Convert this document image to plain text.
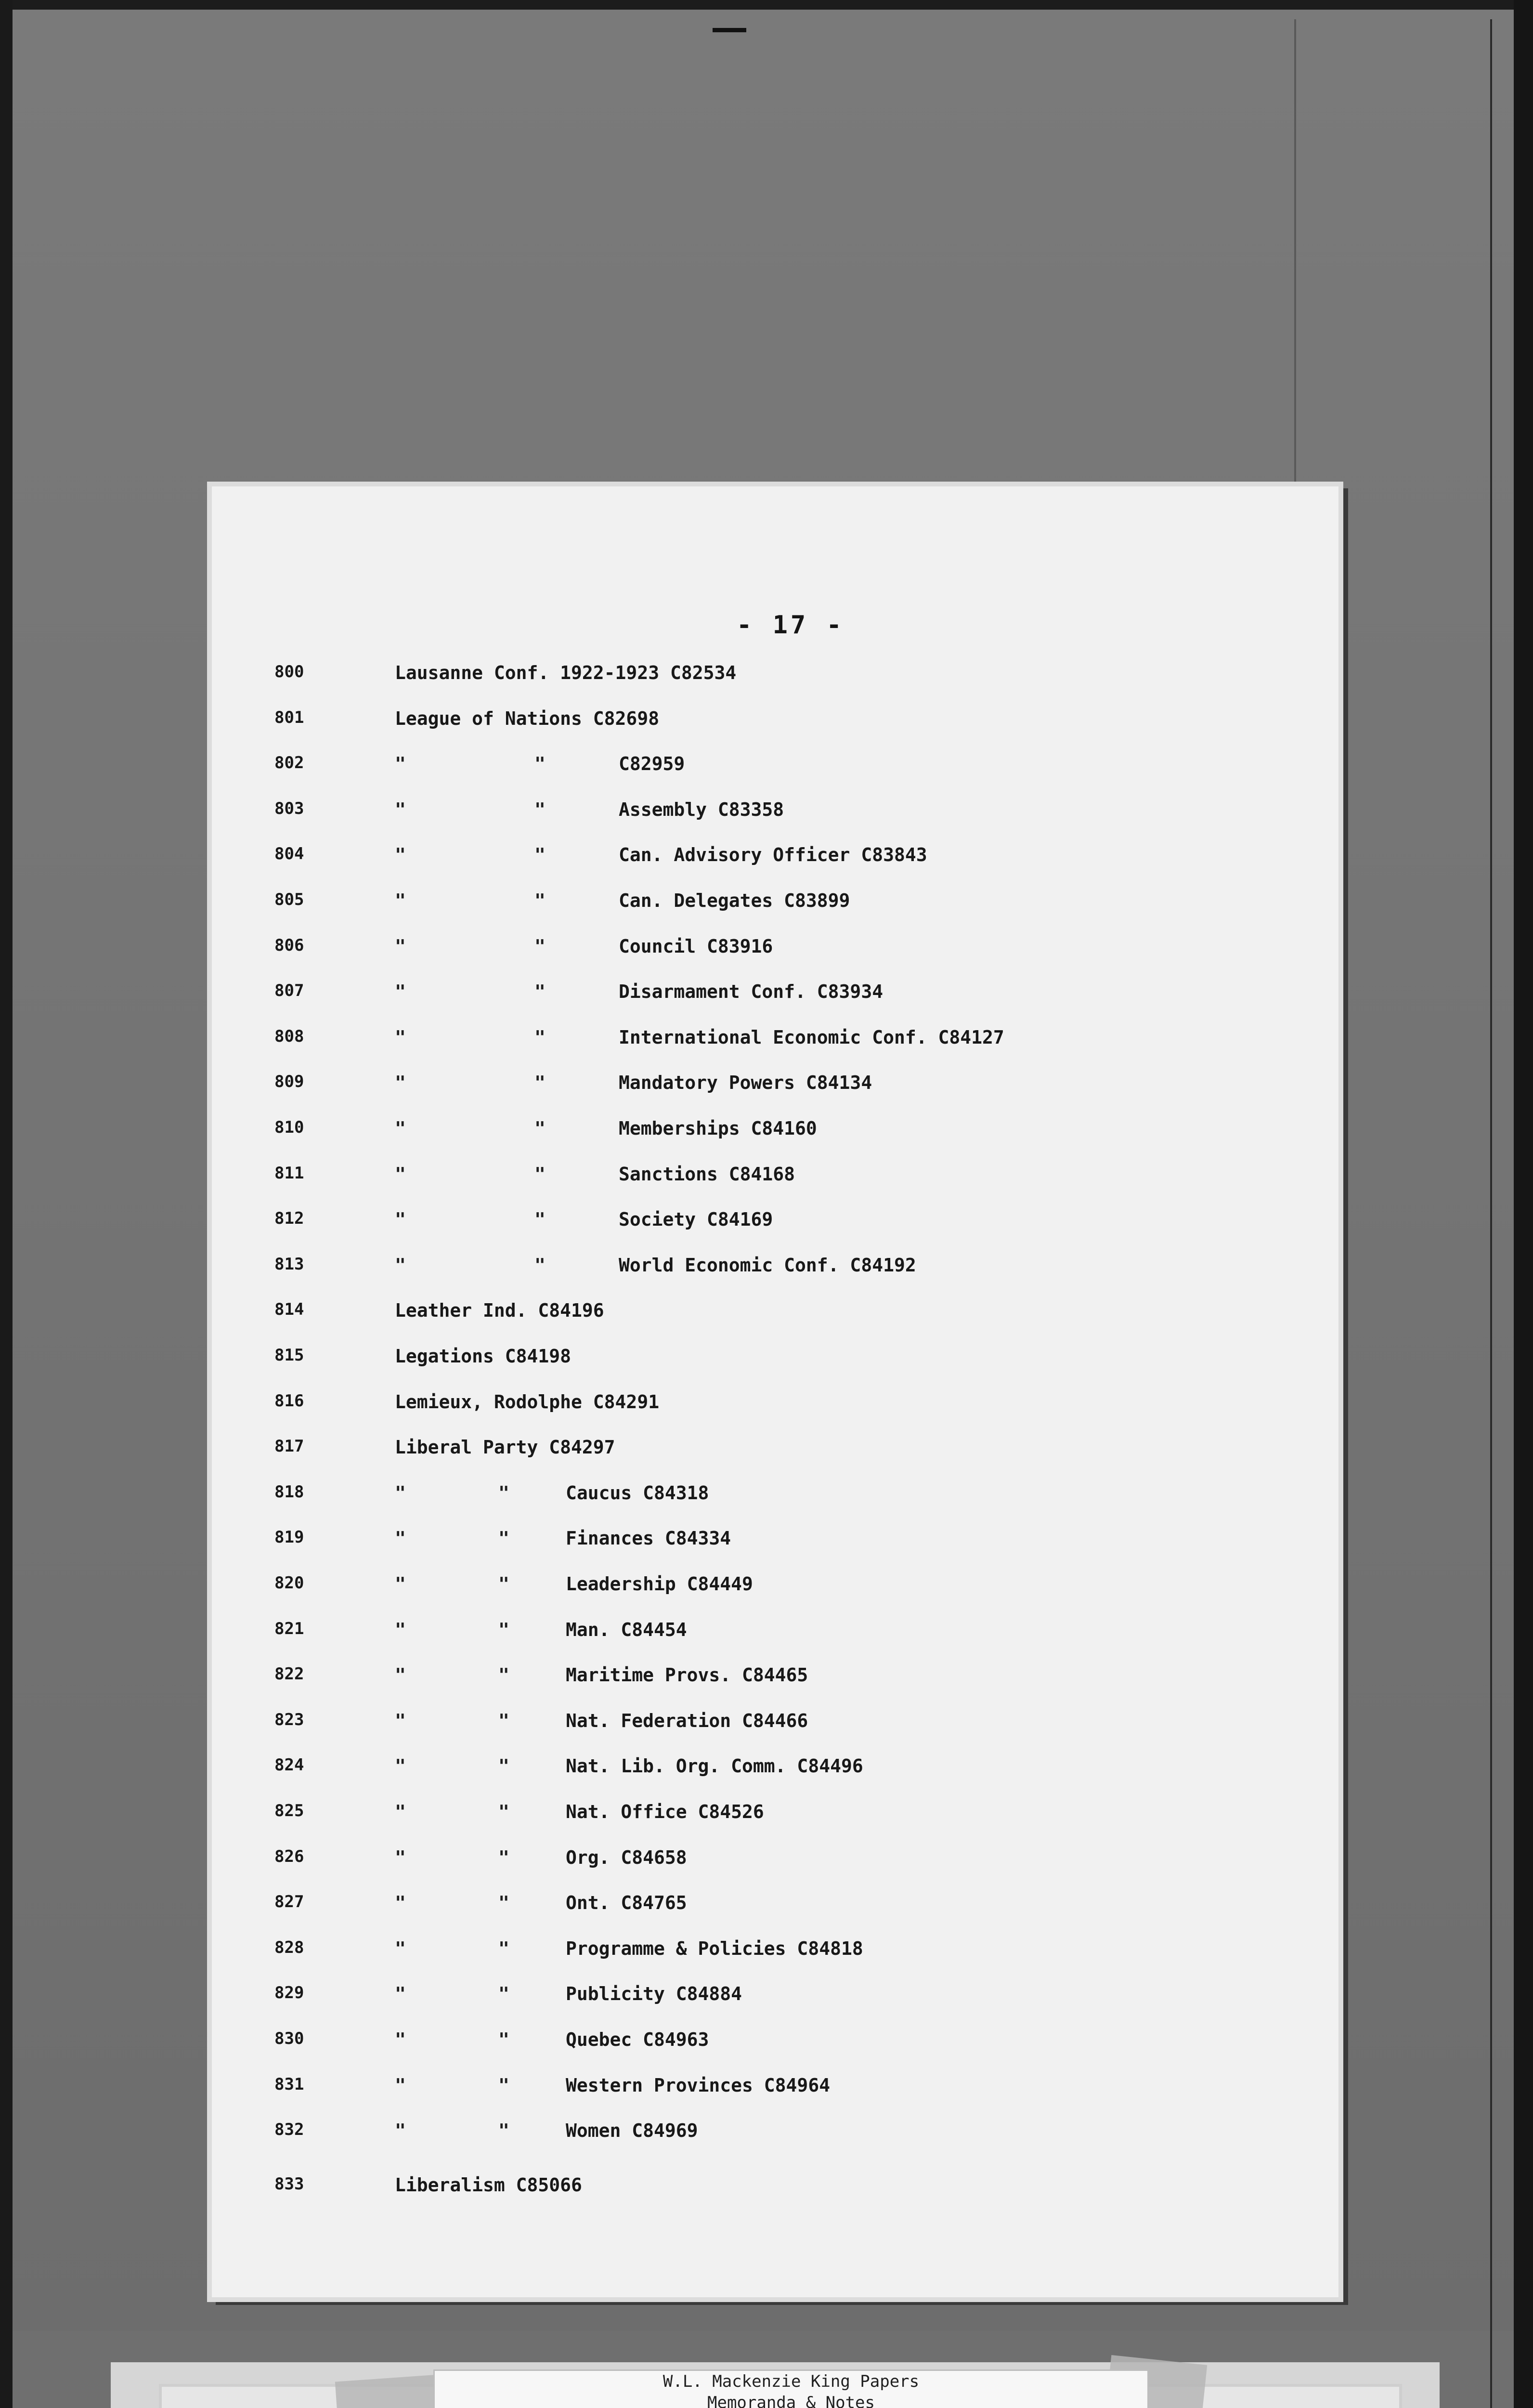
- 17 -
800	Lausanne Conf. 1922-1923 C82534
801	League of Nations C82698
802	"	"	C82959
803	"	"	Assembly C83358
804	"	"	Can. Advisory Officer C83843
805	"	"	Can. Delegates C83899
806	"	"	Council C83916
807	"	"	Disarmament Conf. C83934
808	"	"	International Economic Conf. C84127
809	"	"	Mandatory Powers C84134
810	"	"	Memberships C84160
811	"	"	Sanctions C84168
812	"	"	Society C84169
813	"	"	World Economic Conf. C84192
814	Leather Ind. C84196
815	Legations C84198
816	Lemieux, Rodolphe C84291
817	Liberal Party C84297
818	"	"	Caucus C84318
819	"	"	Finances C84334
820	"	"	Leadership C84449
821	"	"	Man. C84454
822	"	"	Maritime Provs. C84465
823	"	"	Nat. Federation C84466
824	"	"	Nat. Lib. Org. Comm. C84496
825	"	"	Nat. Office C84526
826	"	"	Org. C84658
827	"	"	Ont. C84765
828	"	"	Programme & Policies C84818
829	"	"	Publicity C84884
830	"	"	Quebec C84963
831	"	"	Western Provinces C84964
832	"	"	Women C84969
833	Liberalism C85066
W.L. Mackenzie King Papers
Memoranda & Notes
